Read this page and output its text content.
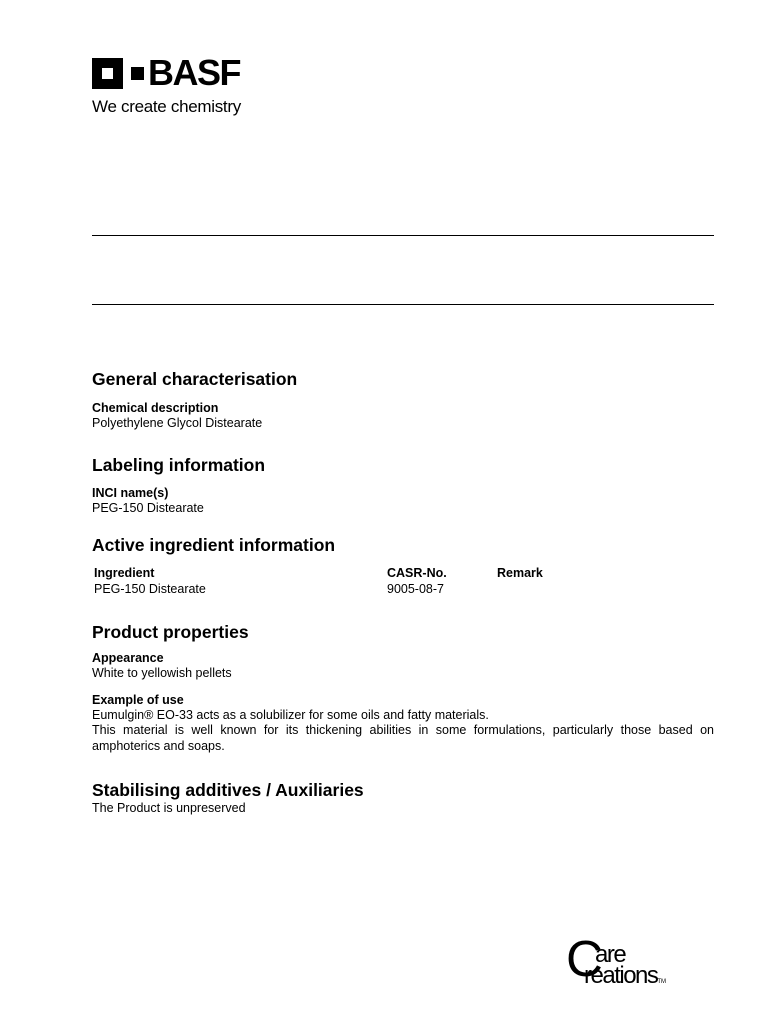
BASF
We create chemistry
General characterisation
Chemical description
Polyethylene Glycol Distearate
Labeling information
INCI name(s)
PEG-150 Distearate
Active ingredient information
Ingredient	CASR-No.	Remark
PEG-150 Distearate	9005-08-7	
Product properties
Appearance
White to yellowish pellets
Example of use
Eumulgin® EO-33 acts as a solubilizer for some oils and fatty materials.
This material is well known for its thickening abilities in some formulations, particularly those based on amphoterics and soaps.
Stabilising additives / Auxiliaries
The Product is unpreserved
C
are
reationsTM
